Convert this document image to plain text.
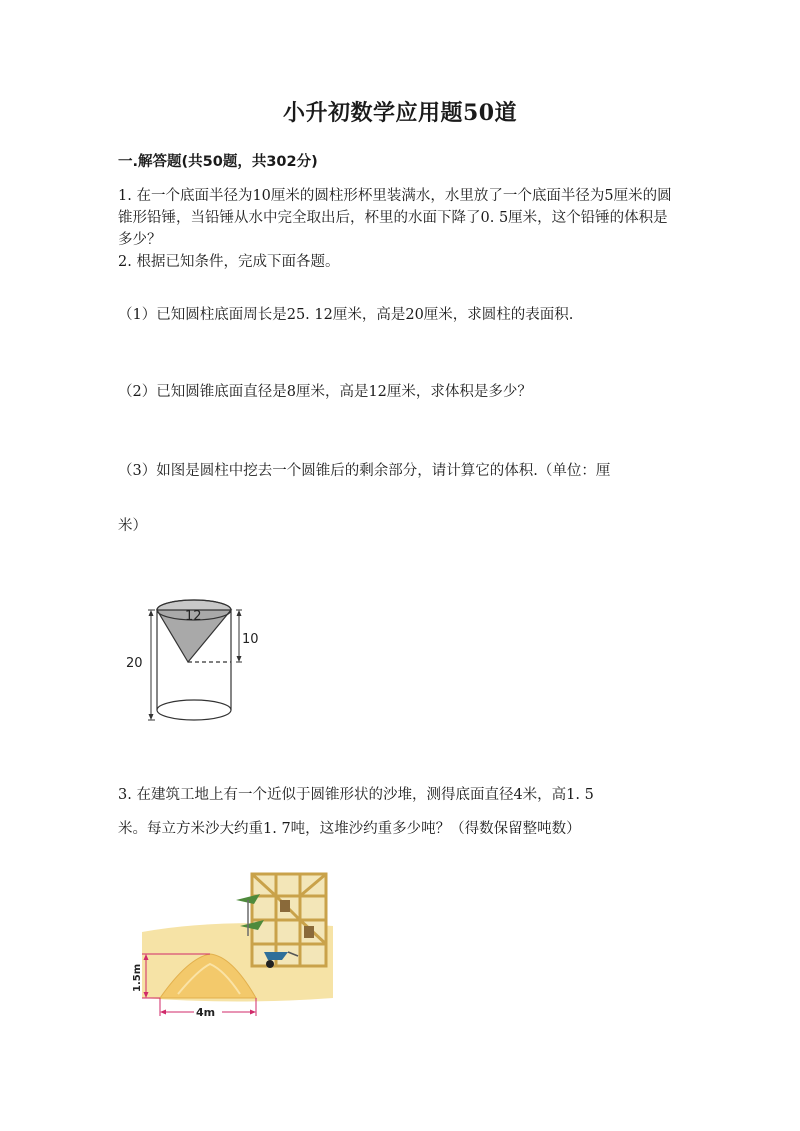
小升初数学应用题50道
一.解答题(共50题，共302分)
1. 在一个底面半径为10厘米的圆柱形杯里装满水，水里放了一个底面半径为5厘米的圆锥形铅锤，当铅锤从水中完全取出后，杯里的水面下降了0. 5厘米，这个铅锤的体积是多少？
2. 根据已知条件，完成下面各题。
（1）已知圆柱底面周长是25. 12厘米，高是20厘米，求圆柱的表面积.
（2）已知圆锥底面直径是8厘米，高是12厘米，求体积是多少？
（3）如图是圆柱中挖去一个圆锥后的剩余部分，请计算它的体积.（单位：厘
米）
12
10
20
3. 在建筑工地上有一个近似于圆锥形状的沙堆，测得底面直径4米，高1. 5
米。每立方米沙大约重1. 7吨，这堆沙约重多少吨？（得数保留整吨数）
1.5m
4m
